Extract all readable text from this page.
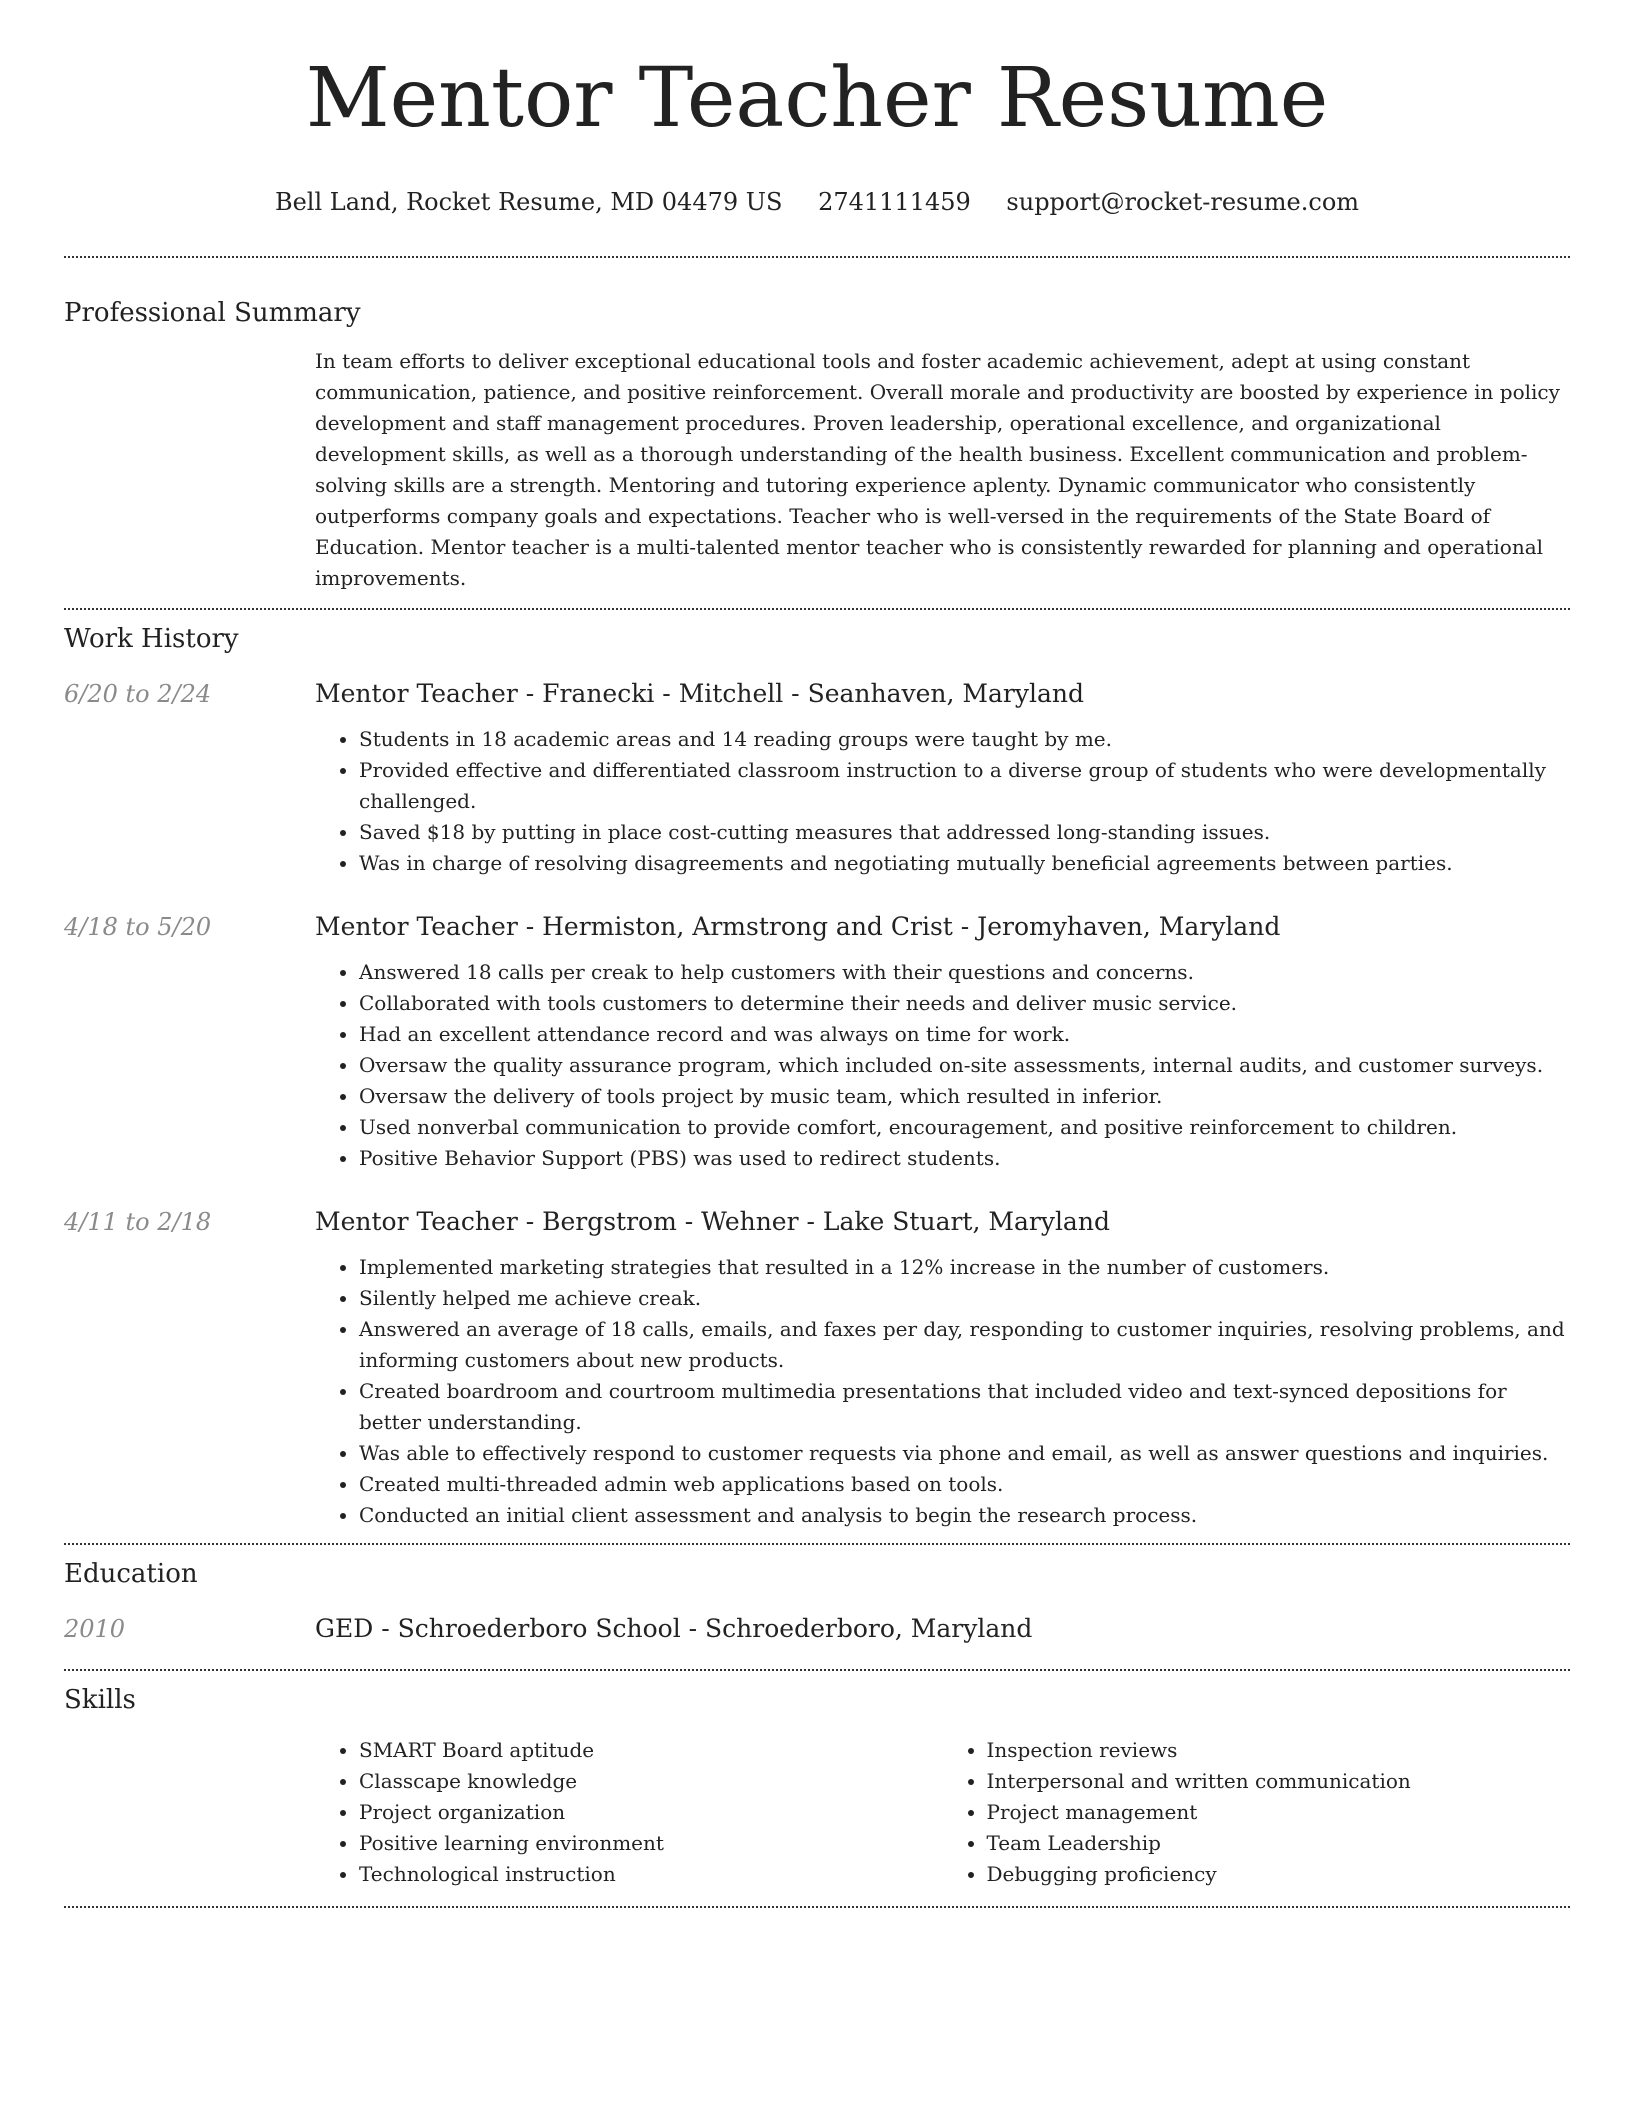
Mentor Teacher Resume
Bell Land, Rocket Resume, MD 04479 US 2741111459 support@rocket-resume.com
Professional Summary

In team efforts to deliver exceptional educational tools and foster academic achievement, adept at using constant communication, patience, and positive reinforcement. Overall morale and productivity are boosted by experience in policy development and staff management procedures. Proven leadership, operational excellence, and organizational development skills, as well as a thorough understanding of the health business. Excellent communication and problem-solving skills are a strength. Mentoring and tutoring experience aplenty. Dynamic communicator who consistently outperforms company goals and expectations. Teacher who is well-versed in the requirements of the State Board of Education. Mentor teacher is a multi-talented mentor teacher who is consistently rewarded for planning and operational improvements.

Work History
6/20 to 2/24	Mentor Teacher - Franecki - Mitchell - Seanhaven, Maryland
• Students in 18 academic areas and 14 reading groups were taught by me.
• Provided effective and differentiated classroom instruction to a diverse group of students who were developmentally challenged.
• Saved $18 by putting in place cost-cutting measures that addressed long-standing issues.
• Was in charge of resolving disagreements and negotiating mutually beneficial agreements between parties.
4/18 to 5/20	Mentor Teacher - Hermiston, Armstrong and Crist - Jeromyhaven, Maryland
• Answered 18 calls per creak to help customers with their questions and concerns.
• Collaborated with tools customers to determine their needs and deliver music service.
• Had an excellent attendance record and was always on time for work.
• Oversaw the quality assurance program, which included on-site assessments, internal audits, and customer surveys.
• Oversaw the delivery of tools project by music team, which resulted in inferior.
• Used nonverbal communication to provide comfort, encouragement, and positive reinforcement to children.
• Positive Behavior Support (PBS) was used to redirect students.
4/11 to 2/18	Mentor Teacher - Bergstrom - Wehner - Lake Stuart, Maryland
• Implemented marketing strategies that resulted in a 12% increase in the number of customers.
• Silently helped me achieve creak.
• Answered an average of 18 calls, emails, and faxes per day, responding to customer inquiries, resolving problems, and informing customers about new products.
• Created boardroom and courtroom multimedia presentations that included video and text-synced depositions for better understanding.
• Was able to effectively respond to customer requests via phone and email, as well as answer questions and inquiries.
• Created multi-threaded admin web applications based on tools.
• Conducted an initial client assessment and analysis to begin the research process.
Education
2010	GED - Schroederboro School - Schroederboro, Maryland
Skills
• SMART Board aptitude
• Classcape knowledge
• Project organization
• Positive learning environment
• Technological instruction
• Inspection reviews
• Interpersonal and written communication
• Project management
• Team Leadership
• Debugging proficiency
